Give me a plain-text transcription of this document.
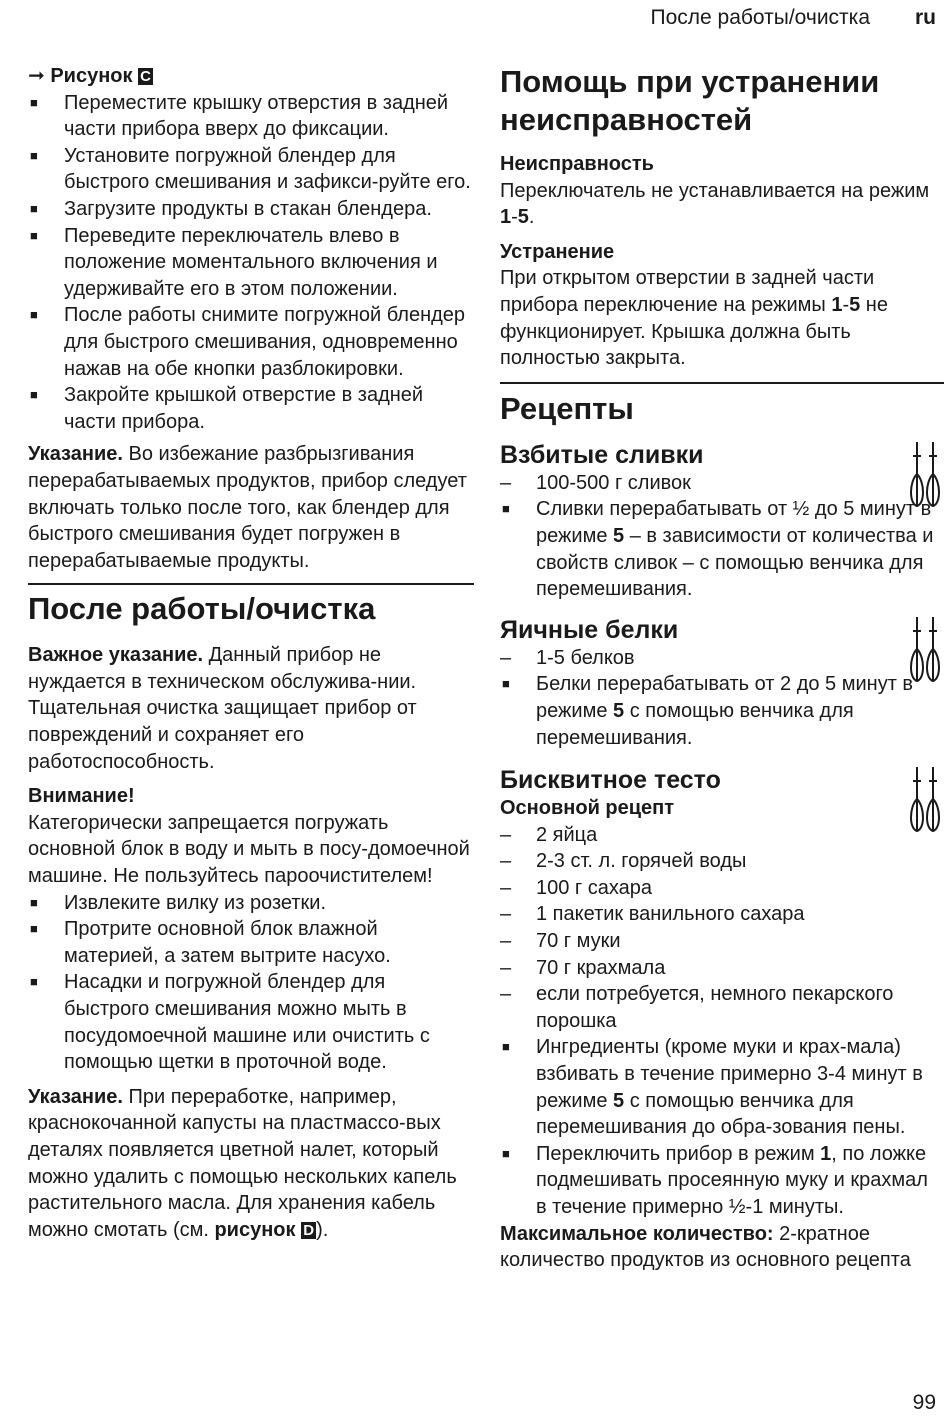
После работы/очистка ru

➞ Рисунок C

■ Переместите крышку отверстия в задней части прибора вверх до фиксации.
■ Установите погружной блендер для быстрого смешивания и зафикси-руйте его.
■ Загрузите продукты в стакан блендера.
■ Переведите переключатель влево в положение моментального включения и удерживайте его в этом положении.
■ После работы снимите погружной блендер для быстрого смешивания, одновременно нажав на обе кнопки разблокировки.
■ Закройте крышкой отверстие в задней части прибора.

Указание. Во избежание разбрызгивания перерабатываемых продуктов, прибор следует включать только после того, как блендер для быстрого смешивания будет погружен в перерабатываемые продукты.

После работы/очистка

Важное указание. Данный прибор не нуждается в техническом обслужива-нии. Тщательная очистка защищает прибор от повреждений и сохраняет его работоспособность.

Внимание!

Категорически запрещается погружать основной блок в воду и мыть в посу-домоечной машине. Не пользуйтесь пароочистителем!

■ Извлеките вилку из розетки.
■ Протрите основной блок влажной материей, а затем вытрите насухо.
■ Насадки и погружной блендер для быстрого смешивания можно мыть в посудомоечной машине или очистить с помощью щетки в проточной воде.

Указание. При переработке, например, краснокочанной капусты на пластмассо-вых деталях появляется цветной налет, который можно удалить с помощью нескольких капель растительного масла. Для хранения кабель можно смотать (см. рисунок D ).

Помощь при устранении неисправностей

Неисправность

Переключатель не устанавливается на режим 1-5.

Устранение

При открытом отверстии в задней части прибора переключение на режимы 1-5 не функционирует. Крышка должна быть полностью закрыта.

Рецепты
Взбитые сливки
– 100-500 г сливок
■ Сливки перерабатывать от ½ до 5 минут в режиме 5 – в зависимости от количества и свойств сливок – с помощью венчика для перемешивания.
Яичные белки
– 1-5 белков
■ Белки перерабатывать от 2 до 5 минут в режиме 5 с помощью венчика для перемешивания.
Бисквитное тесто

Основной рецепт

– 2 яйца
– 2-3 ст. л. горячей воды
– 100 г сахара
– 1 пакетик ванильного сахара
– 70 г муки
– 70 г крахмала
– если потребуется, немного пекарского порошка
■ Ингредиенты (кроме муки и крах-мала) взбивать в течение примерно 3-4 минут в режиме 5 с помощью венчика для перемешивания до обра-зования пены.
■ Переключить прибор в режим 1, по ложке подмешивать просеянную муку и крахмал в течение примерно ½-1 минуты.

Максимальное количество: 2-кратное количество продуктов из основного рецепта

99
